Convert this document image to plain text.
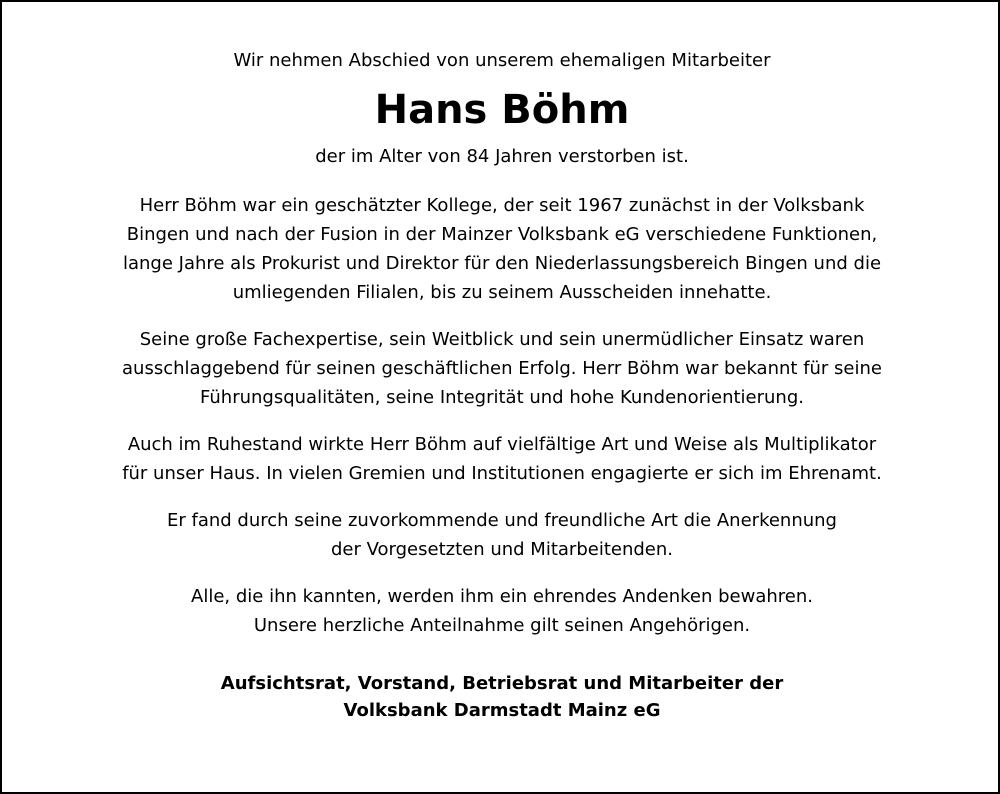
Wir nehmen Abschied von unserem ehemaligen Mitarbeiter

Hans Böhm

der im Alter von 84 Jahren verstorben ist.

Herr Böhm war ein geschätzter Kollege, der seit 1967 zunächst in der Volksbank
Bingen und nach der Fusion in der Mainzer Volksbank eG verschiedene Funktionen,
lange Jahre als Prokurist und Direktor für den Niederlassungsbereich Bingen und die
umliegenden Filialen, bis zu seinem Ausscheiden innehatte.

Seine große Fachexpertise, sein Weitblick und sein unermüdlicher Einsatz waren
ausschlaggebend für seinen geschäftlichen Erfolg. Herr Böhm war bekannt für seine
Führungsqualitäten, seine Integrität und hohe Kundenorientierung.

Auch im Ruhestand wirkte Herr Böhm auf vielfältige Art und Weise als Multiplikator
für unser Haus. In vielen Gremien und Institutionen engagierte er sich im Ehrenamt.

Er fand durch seine zuvorkommende und freundliche Art die Anerkennung
der Vorgesetzten und Mitarbeitenden.

Alle, die ihn kannten, werden ihm ein ehrendes Andenken bewahren.
Unsere herzliche Anteilnahme gilt seinen Angehörigen.

Aufsichtsrat, Vorstand, Betriebsrat und Mitarbeiter der
Volksbank Darmstadt Mainz eG
